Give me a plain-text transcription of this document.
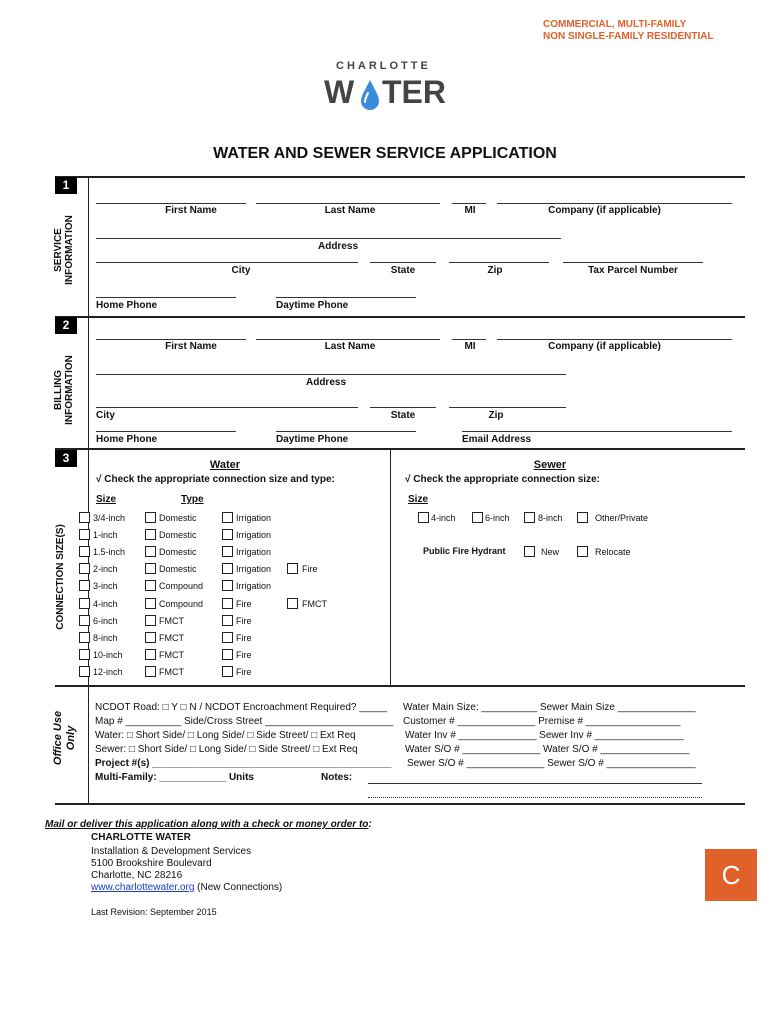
COMMERCIAL, MULTI-FAMILY
NON SINGLE-FAMILY RESIDENTIAL
CHARLOTTE
W TER
WATER AND SEWER SERVICE APPLICATION
1
SERVICE INFORMATION
First Name	Last Name	MI	Company (if applicable)
Address
City	State	Zip	Tax Parcel Number
Home Phone	Daytime Phone
2
BILLING INFORMATION
First Name	Last Name	MI	Company (if applicable)
Address
City	State	Zip
Home Phone	Daytime Phone	Email Address
3
CONNECTION SIZE(S)
Water
√ Check the appropriate connection size and type:
Size	Type
3/4-inch	Domestic	Irrigation
1-inch	Domestic	Irrigation
1.5-inch	Domestic	Irrigation
2-inch	Domestic	Irrigation	Fire
3-inch	Compound	Irrigation
4-inch	Compound	Fire	FMCT
6-inch	FMCT	Fire
8-inch	FMCT	Fire
10-inch	FMCT	Fire
12-inch	FMCT	Fire
Sewer
√ Check the appropriate connection size:
Size
4-inch	6-inch	8-inch	Other/Private
Public Fire Hydrant	New	Relocate
Office Use Only
NCDOT Road: □ Y □ N / NCDOT Encroachment Required? _____
Map # __________ Side/Cross Street _______________________
Water: □ Short Side/ □ Long Side/ □ Side Street/ □ Ext Req
Sewer: □ Short Side/ □ Long Side/ □ Side Street/ □ Ext Req
Project #(s) ___________________________________________
Multi-Family: ____________ Units	Notes:
Water Main Size: __________ Sewer Main Size ______________
Customer # ______________ Premise # _________________
Water Inv # ______________ Sewer Inv # ________________
Water S/O # ______________ Water S/O # ________________
Sewer S/O # ______________ Sewer S/O # ________________
Mail or deliver this application along with a check or money order to:
CHARLOTTE WATER
Installation & Development Services
5100 Brookshire Boulevard
Charlotte, NC 28216
www.charlottewater.org (New Connections)
Last Revision: September 2015
C
